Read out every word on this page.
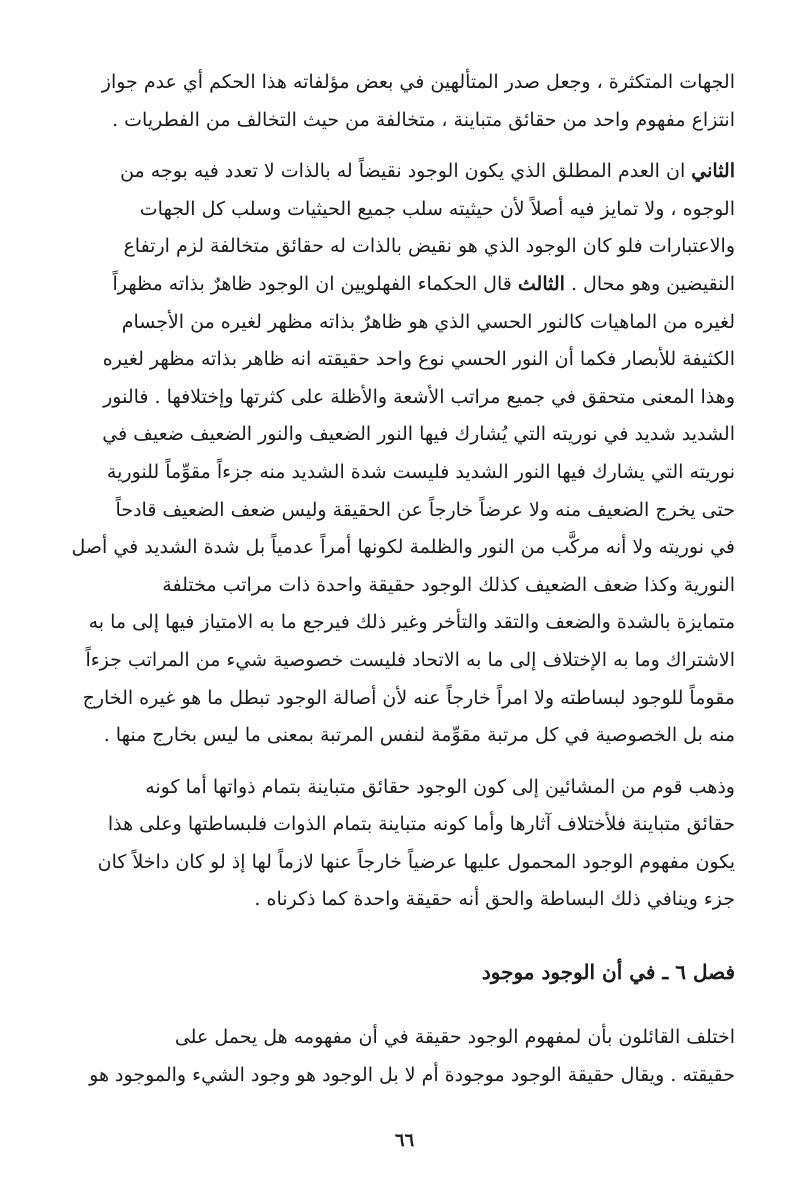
الجهات المتكثرة ، وجعل صدر المتألهين في بعض مؤلفاته هذا الحكم أي عدم جواز
انتزاع مفهوم واحد من حقائق متباينة ، متخالفة من حيث التخالف من الفطريات .

الثاني ان العدم المطلق الذي يكون الوجود نقيضاً له بالذات لا تعدد فيه بوجه من
الوجوه ، ولا تمايز فيه أصلاً لأن حيثيته سلب جميع الحيثيات وسلب كل الجهات
والاعتبارات فلو كان الوجود الذي هو نقيض بالذات له حقائق متخالفة لزم ارتفاع
النقيضين وهو محال . الثالث قال الحكماء الفهلويين ان الوجود ظاهرٌ بذاته مظهراً
لغيره من الماهيات كالنور الحسي الذي هو ظاهرٌ بذاته مظهر لغيره من الأجسام
الكثيفة للأبصار فكما أن النور الحسي نوع واحد حقيقته انه ظاهر بذاته مظهر لغيره
وهذا المعنى متحقق في جميع مراتب الأشعة والأظلة على كثرتها وإختلافها . فالنور
الشديد شديد في نوريته التي يُشارك فيها النور الضعيف والنور الضعيف ضعيف في
نوريته التي يشارك فيها النور الشديد فليست شدة الشديد منه جزءاً مقوِّماً للنورية
حتى يخرج الضعيف منه ولا عرضاً خارجاً عن الحقيقة وليس ضعف الضعيف قادحاً
في نوريته ولا أنه مركَّب من النور والظلمة لكونها أمراً عدمياً بل شدة الشديد في أصل
النورية وكذا ضعف الضعيف كذلك الوجود حقيقة واحدة ذات مراتب مختلفة
متمايزة بالشدة والضعف والتقد والتأخر وغير ذلك فيرجع ما به الامتياز فيها إلى ما به
الاشتراك وما به الإختلاف إلى ما به الاتحاد فليست خصوصية شيء من المراتب جزءاً
مقوماً للوجود لبساطته ولا امراً خارجاً عنه لأن أصالة الوجود تبطل ما هو غيره الخارج
منه بل الخصوصية في كل مرتبة مقوِّمة لنفس المرتبة بمعنى ما ليس بخارج منها .

وذهب قوم من المشائين إلى كون الوجود حقائق متباينة بتمام ذواتها أما كونه
حقائق متباينة فلأختلاف آثارها وأما كونه متباينة بتمام الذوات فلبساطتها وعلى هذا
يكون مفهوم الوجود المحمول عليها عرضياً خارجاً عنها لازماً لها إذ لو كان داخلاً كان
جزء وينافي ذلك البساطة والحق أنه حقيقة واحدة كما ذكرناه .

فصل ٦ ـ في أن الوجود موجود

اختلف القائلون بأن لمفهوم الوجود حقيقة في أن مفهومه هل يحمل على
حقيقته . ويقال حقيقة الوجود موجودة أم لا بل الوجود هو وجود الشيء والموجود هو

٦٦
